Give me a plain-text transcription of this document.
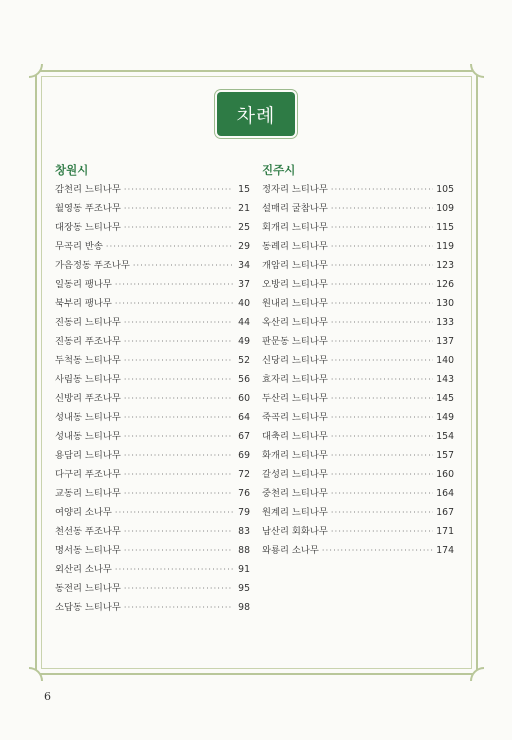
차례
창원시
감천리 느티나무 ·····	15
월영동 푸조나무 ·····	21
대장동 느티나무 ·····	25
무곡리 반송 ·····	29
가음정동 푸조나무 ·····	34
일동리 팽나무 ·····	37
북부리 팽나무 ·····	40
진동리 느티나무 ·····	44
진동리 푸조나무 ·····	49
두척동 느티나무 ·····	52
사림동 느티나무 ·····	56
신방리 푸조나무 ·····	60
성내동 느티나무 ·····	64
성내동 느티나무 ·····	67
용담리 느티나무 ·····	69
다구리 푸조나무 ·····	72
교동리 느티나무 ·····	76
여양리 소나무 ·····	79
천선동 푸조나무 ·····	83
명서동 느티나무 ·····	88
외산리 소나무 ·····	91
동전리 느티나무 ·····	95
소답동 느티나무 ·····	98
진주시
정자리 느티나무 ·····	105
설매리 굴참나무 ·····	109
회개리 느티나무 ·····	115
동례리 느티나무 ·····	119
개암리 느티나무 ·····	123
오방리 느티나무 ·····	126
원내리 느티나무 ·····	130
옥산리 느티나무 ·····	133
판문동 느티나무 ·····	137
신당리 느티나무 ·····	140
효자리 느티나무 ·····	143
두산리 느티나무 ·····	145
죽곡리 느티나무 ·····	149
대축리 느티나무 ·····	154
화개리 느티나무 ·····	157
갈성리 느티나무 ·····	160
중천리 느티나무 ·····	164
원계리 느티나무 ·····	167
남산리 회화나무 ·····	171
와룡리 소나무 ·····	174
6
